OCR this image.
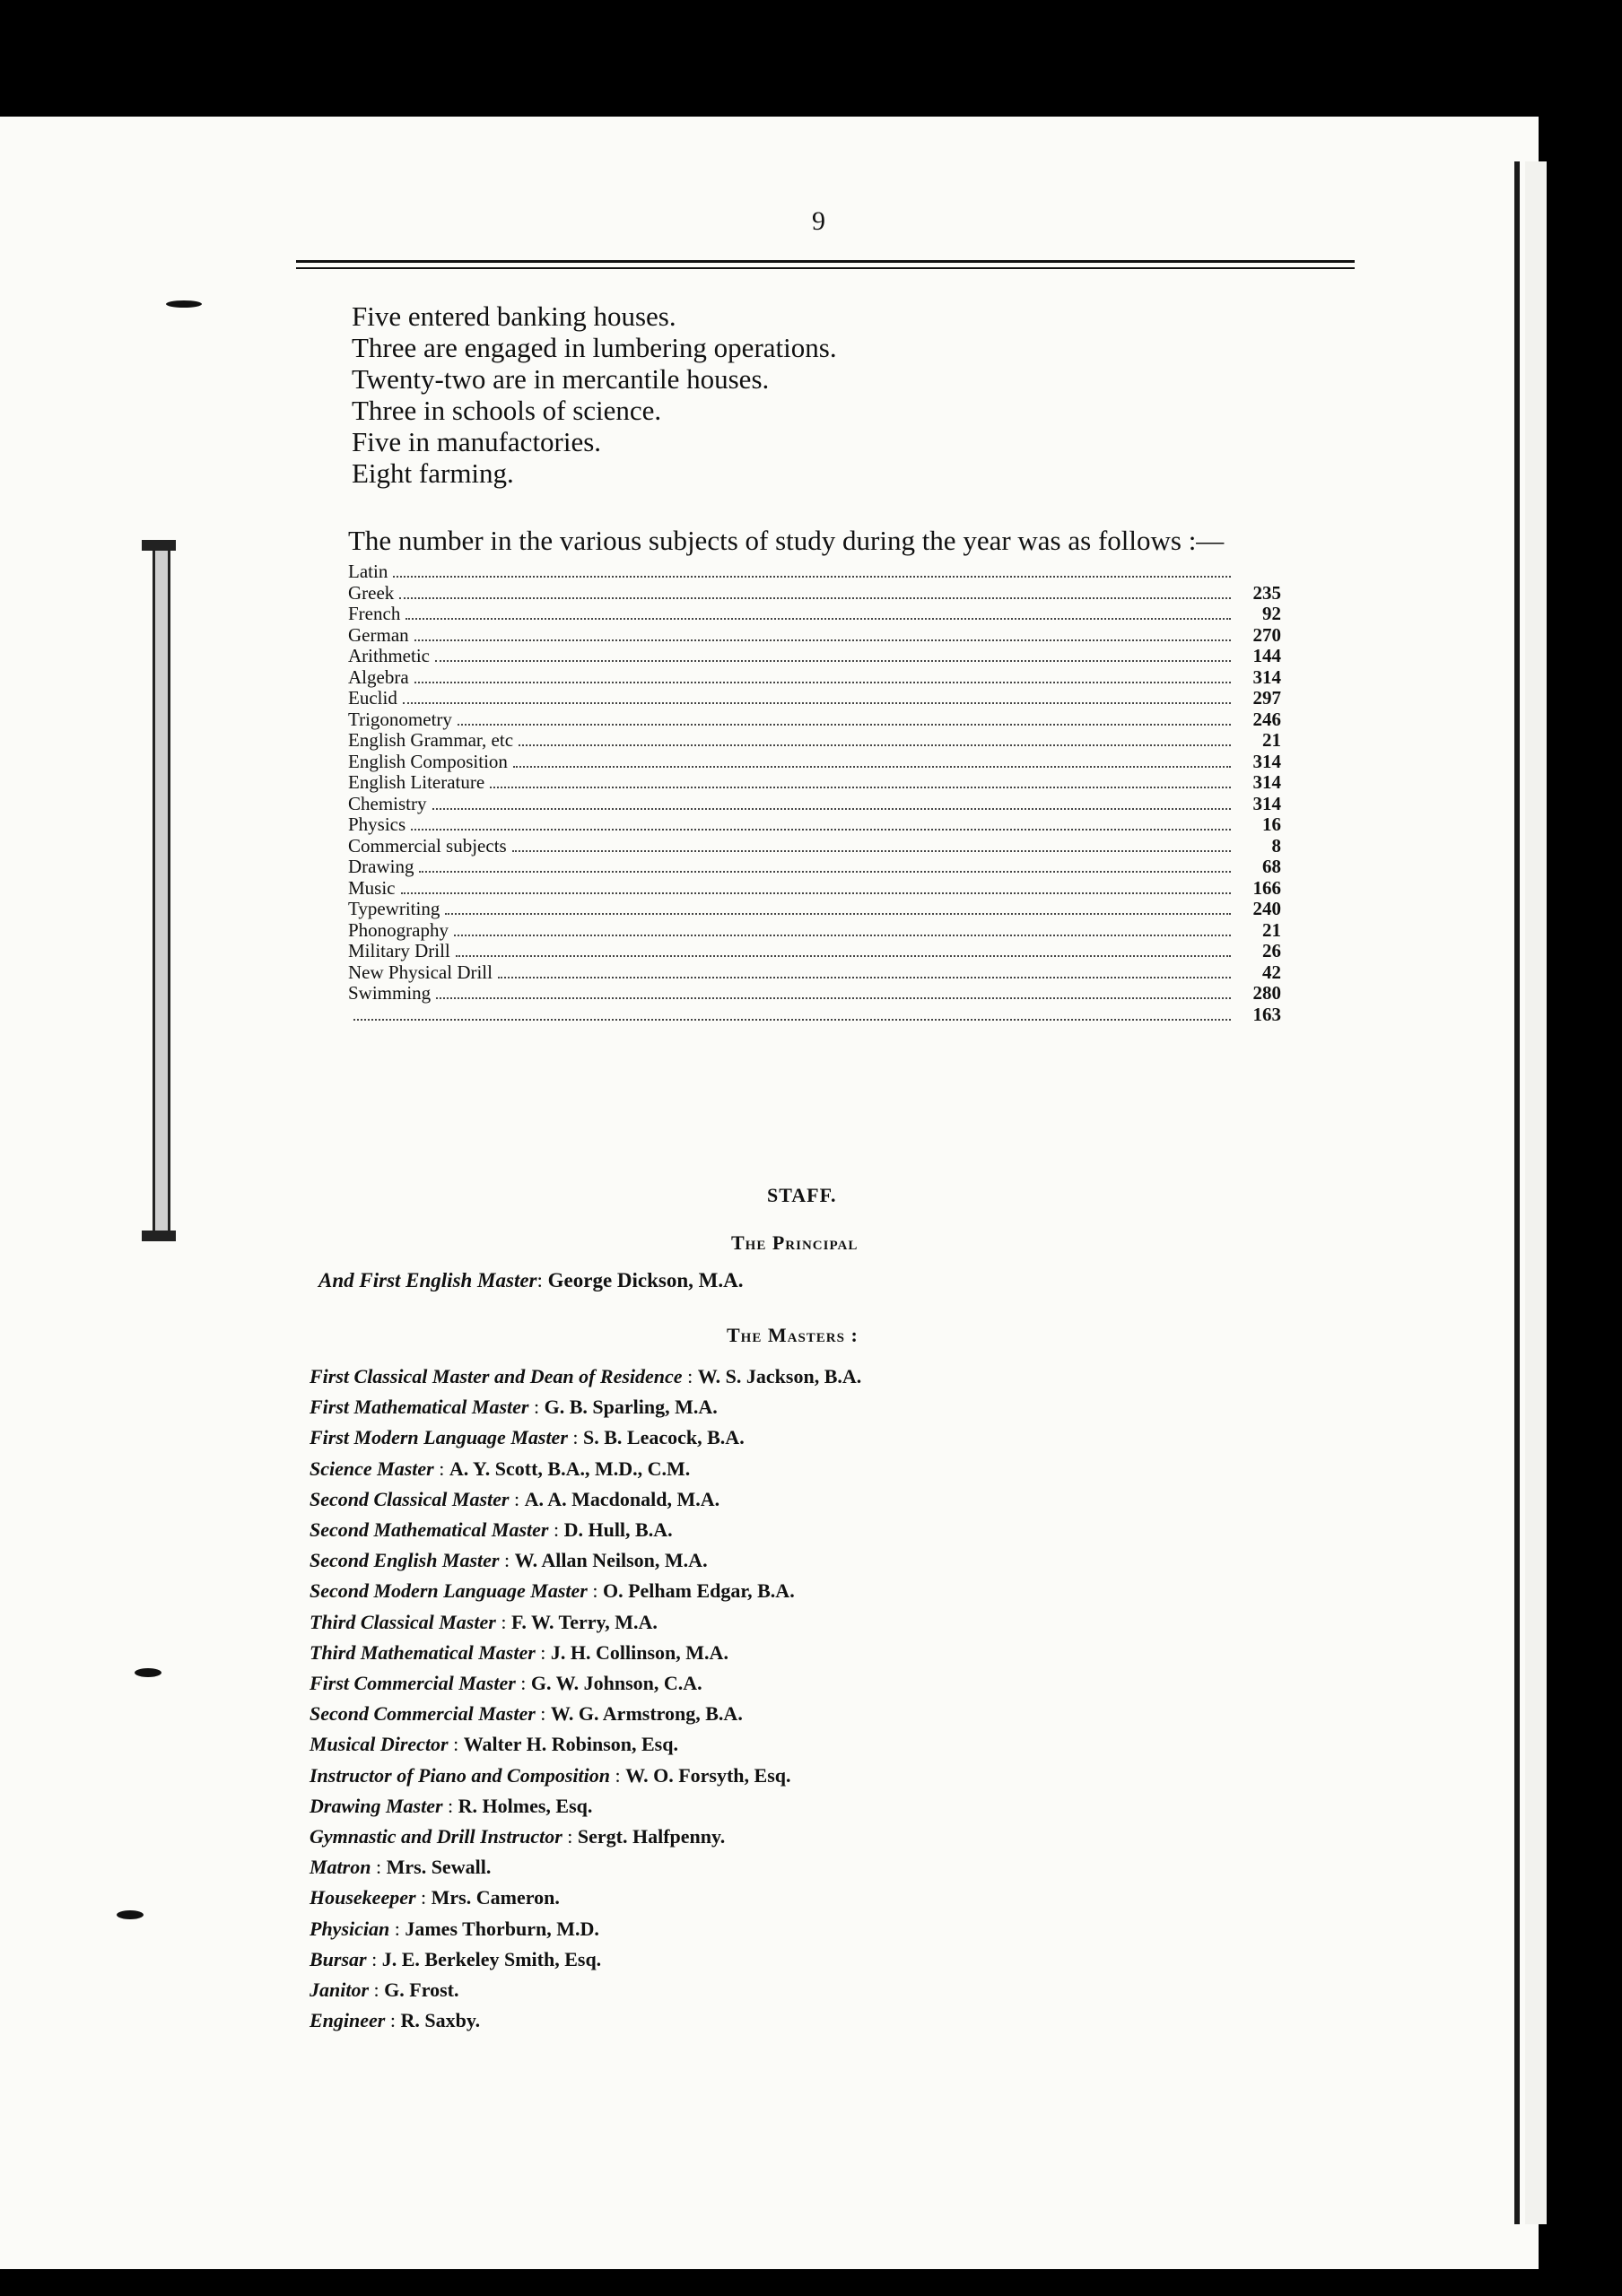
9
Five entered banking houses.
Three are engaged in lumbering operations.
Twenty-two are in mercantile houses.
Three in schools of science.
Five in manufactories.
Eight farming.
The number in the various subjects of study during the year was as follows :—
Latin
Greek	235
French	92
German	270
Arithmetic	144
Algebra	314
Euclid	297
Trigonometry	246
English Grammar, etc	21
English Composition	314
English Literature	314
Chemistry	314
Physics	16
Commercial subjects	8
Drawing	68
Music	166
Typewriting	240
Phonography	21
Military Drill	26
New Physical Drill	42
Swimming	280
163
STAFF.
The Principal
And First English Master: George Dickson, M.A.
The Masters :
First Classical Master and Dean of Residence : W. S. Jackson, B.A.
First Mathematical Master : G. B. Sparling, M.A.
First Modern Language Master : S. B. Leacock, B.A.
Science Master : A. Y. Scott, B.A., M.D., C.M.
Second Classical Master : A. A. Macdonald, M.A.
Second Mathematical Master : D. Hull, B.A.
Second English Master : W. Allan Neilson, M.A.
Second Modern Language Master : O. Pelham Edgar, B.A.
Third Classical Master : F. W. Terry, M.A.
Third Mathematical Master : J. H. Collinson, M.A.
First Commercial Master : G. W. Johnson, C.A.
Second Commercial Master : W. G. Armstrong, B.A.
Musical Director : Walter H. Robinson, Esq.
Instructor of Piano and Composition : W. O. Forsyth, Esq.
Drawing Master : R. Holmes, Esq.
Gymnastic and Drill Instructor : Sergt. Halfpenny.
Matron : Mrs. Sewall.
Housekeeper : Mrs. Cameron.
Physician : James Thorburn, M.D.
Bursar : J. E. Berkeley Smith, Esq.
Janitor : G. Frost.
Engineer : R. Saxby.
